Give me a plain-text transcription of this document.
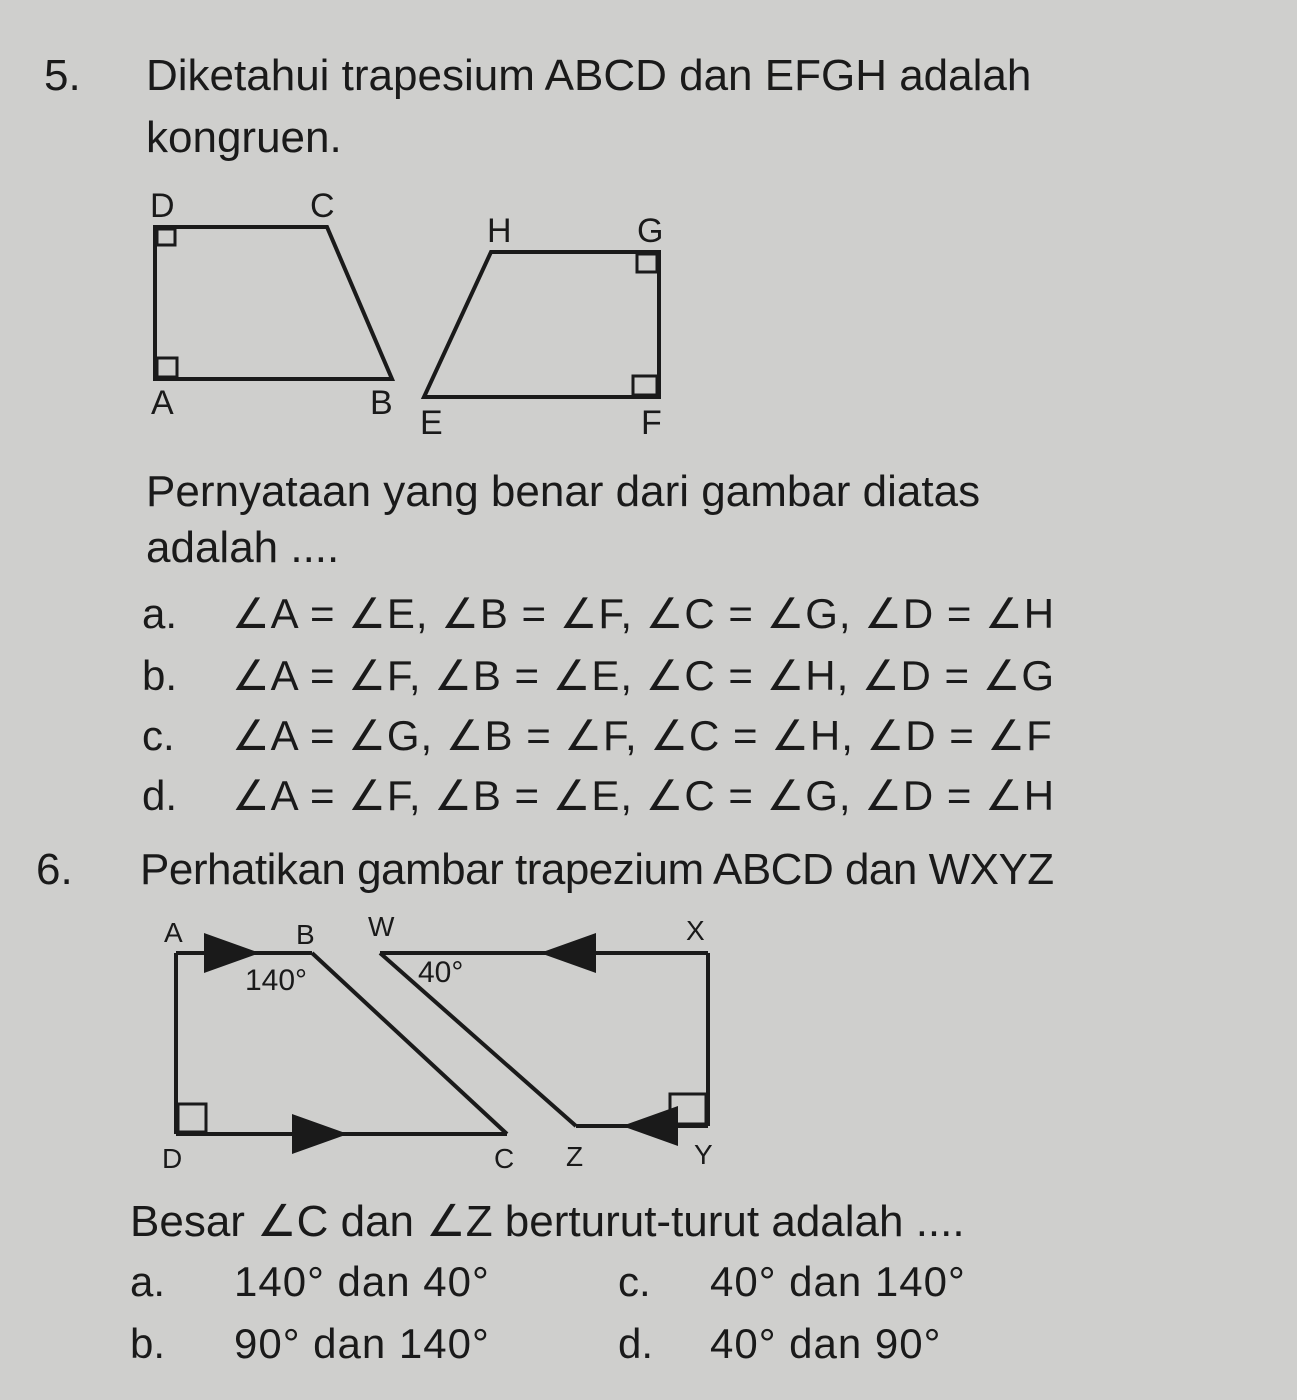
5. Diketahui trapesium ABCD dan EFGH adalah
kongruen.
D	C
A	B
H	G
E	F
Pernyataan yang benar dari gambar diatas
adalah ....
a. ∠A = ∠E, ∠B = ∠F, ∠C = ∠G, ∠D = ∠H
b. ∠A = ∠F, ∠B = ∠E, ∠C = ∠H, ∠D = ∠G
c. ∠A = ∠G, ∠B = ∠F, ∠C = ∠H, ∠D = ∠F
d. ∠A = ∠F, ∠B = ∠E, ∠C = ∠G, ∠D = ∠H
6. Perhatikan gambar trapezium ABCD dan WXYZ
A	B
D	C
140°
W	X
Z	Y
40°
Besar ∠C dan ∠Z berturut-turut adalah ....
a. 140° dan 40°	c. 40° dan 140°
b. 90° dan 140°	d. 40° dan 90°
